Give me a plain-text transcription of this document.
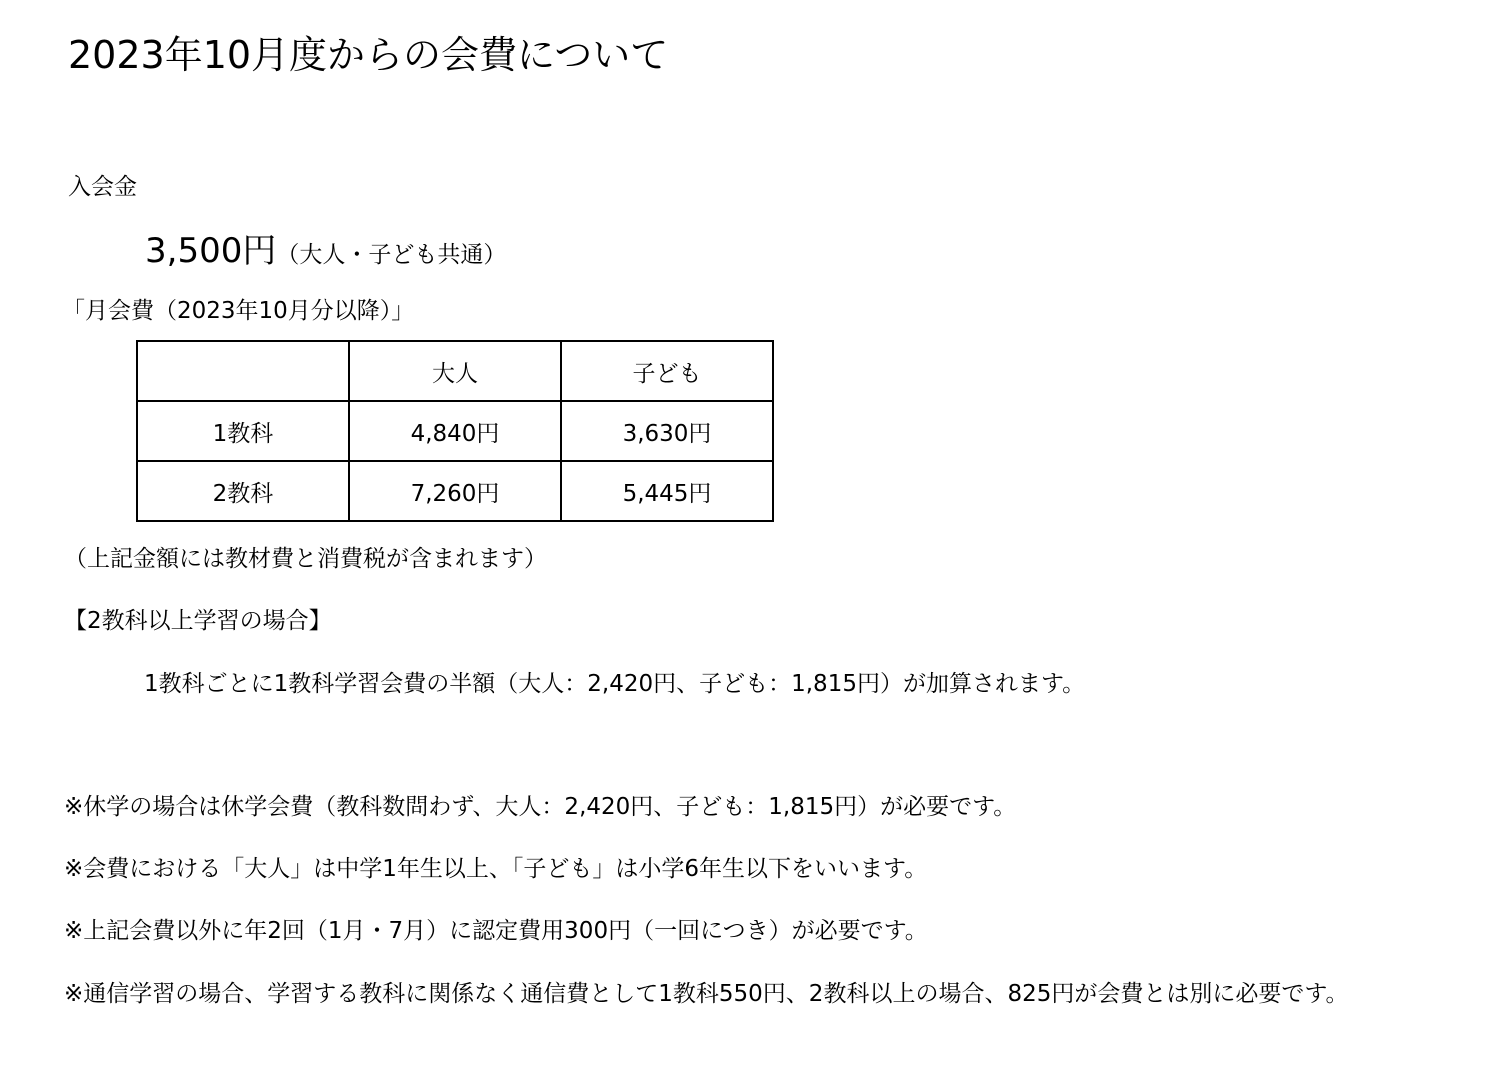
2023年10月度からの会費について
入会金
3,500円（大人・子ども共通）
「月会費（2023年10月分以降）」
	大人	子ども
1教科	4,840円	3,630円
2教科	7,260円	5,445円
（上記金額には教材費と消費税が含まれます）
【2教科以上学習の場合】
1教科ごとに1教科学習会費の半額（大人：2,420円、子ども：1,815円）が加算されます。
※休学の場合は休学会費（教科数問わず、大人：2,420円、子ども：1,815円）が必要です。
※会費における「大人」は中学1年生以上、「子ども」は小学6年生以下をいいます。
※上記会費以外に年2回（1月・7月）に認定費用300円（一回につき）が必要です。
※通信学習の場合、学習する教科に関係なく通信費として1教科550円、2教科以上の場合、825円が会費とは別に必要です。
